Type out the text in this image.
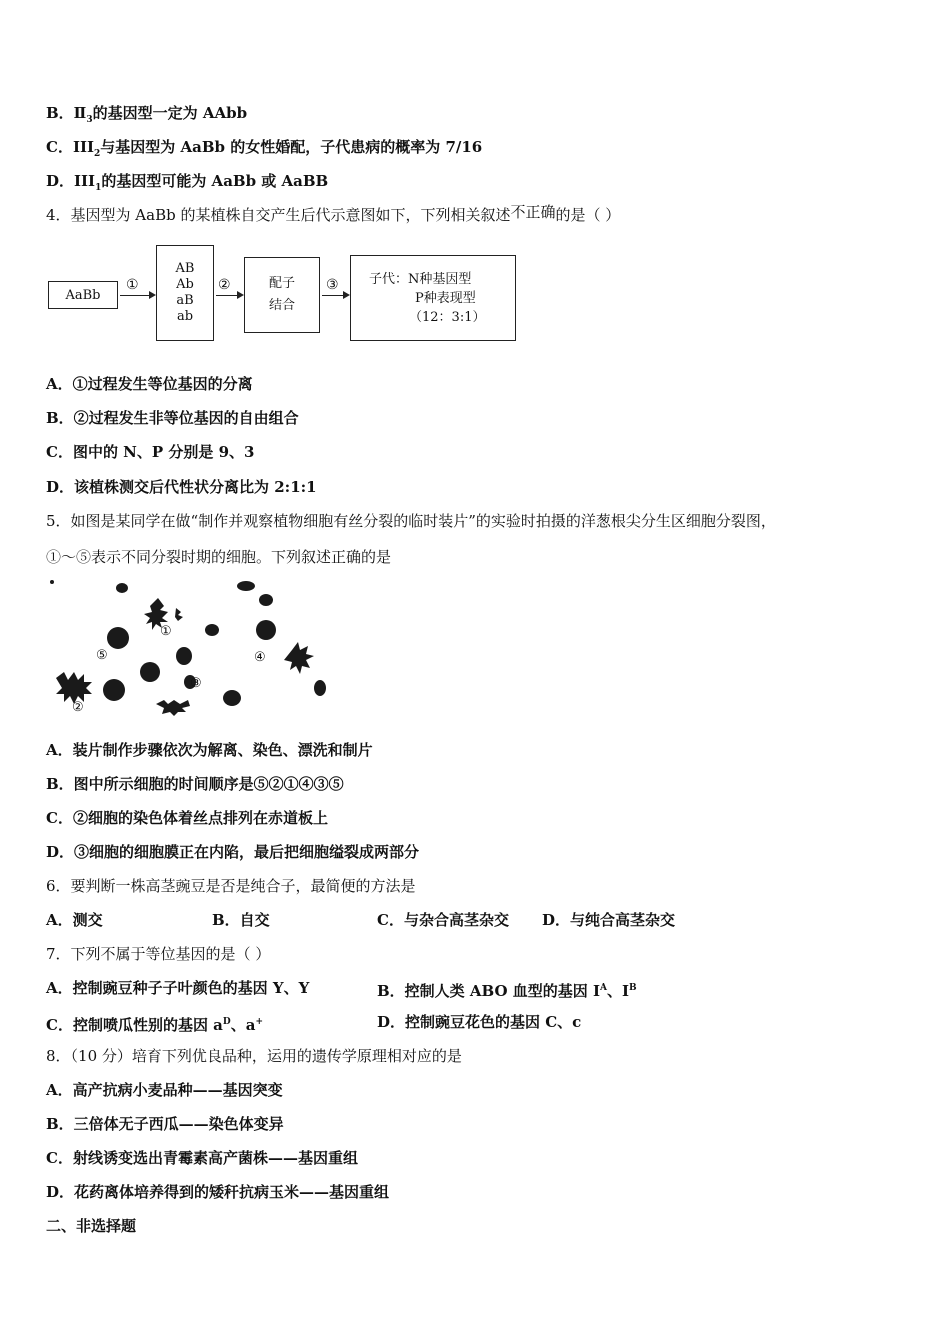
B．$Ⅱ_3$的基因型一定为 AAbb
C．$III_2$与基因型为 AaBb 的女性婚配，子代患病的概率为 7/16
D．$III_1$的基因型可能为 AaBb 或 AaBB
4．基因型为 AaBb 的某植株自交产生后代示意图如下，下列相关叙述不正确的是（ ）
AaBb
①
AB
Ab
aB
ab
②	配子
结合
③ 子代：N种基因型
P种表现型
（12：3:1）
A．①过程发生等位基因的分离
B．②过程发生非等位基因的自由组合
C．图中的 N、P 分别是 9、3
D．该植株测交后代性状分离比为 2:1:1
5．如图是某同学在做“制作并观察植物细胞有丝分裂的临时装片”的实验时拍摄的洋葱根尖分生区细胞分裂图，
①～⑤表示不同分裂时期的细胞。下列叙述正确的是
①
②
③
④
⑤
A．装片制作步骤依次为解离、染色、漂洗和制片
B．图中所示细胞的时间顺序是⑤②①④③⑤
C．②细胞的染色体着丝点排列在赤道板上
D．③细胞的细胞膜正在内陷，最后把细胞缢裂成两部分
6．要判断一株高茎豌豆是否是纯合子，最简便的方法是
A．测交	B．自交	C．与杂合高茎杂交 D．与纯合高茎杂交
7．下列不属于等位基因的是（ ）
A．控制豌豆种子子叶颜色的基因 Y、Y	B．控制人类 ABO 血型的基因 $I^A$、$I^B$
C．控制喷瓜性别的基因 $a^D$、a+	D．控制豌豆花色的基因 C、c
8．（10 分）培育下列优良品种，运用的遗传学原理相对应的是
A．高产抗病小麦品种——基因突变
B．三倍体无子西瓜——染色体变异
C．射线诱变选出青霉素高产菌株——基因重组
D．花药离体培养得到的矮秆抗病玉米——基因重组
二、非选择题
